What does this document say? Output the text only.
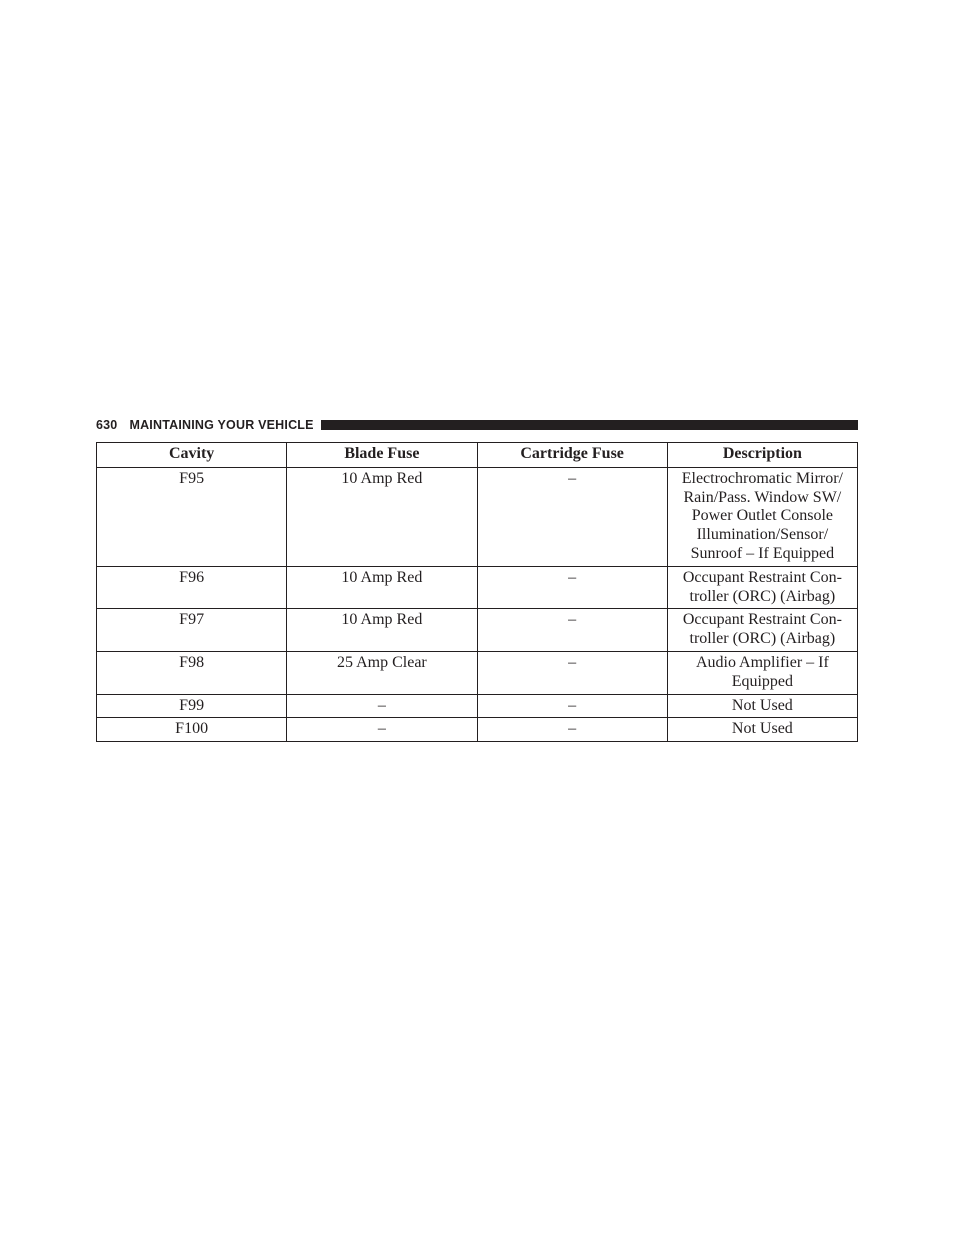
630 MAINTAINING YOUR VEHICLE
Cavity	Blade Fuse	Cartridge Fuse	Description
F95	10 Amp Red	–	Electrochromatic Mirror/
Rain/Pass. Window SW/
Power Outlet Console
Illumination/Sensor/
Sunroof – If Equipped

F96	10 Amp Red	–	Occupant Restraint Con-
troller (ORC) (Airbag)

F97	10 Amp Red	–	Occupant Restraint Con-
troller (ORC) (Airbag)

F98	25 Amp Clear	–	Audio Amplifier – If
Equipped

F99	–	–	Not Used

F100	–	–	Not Used
